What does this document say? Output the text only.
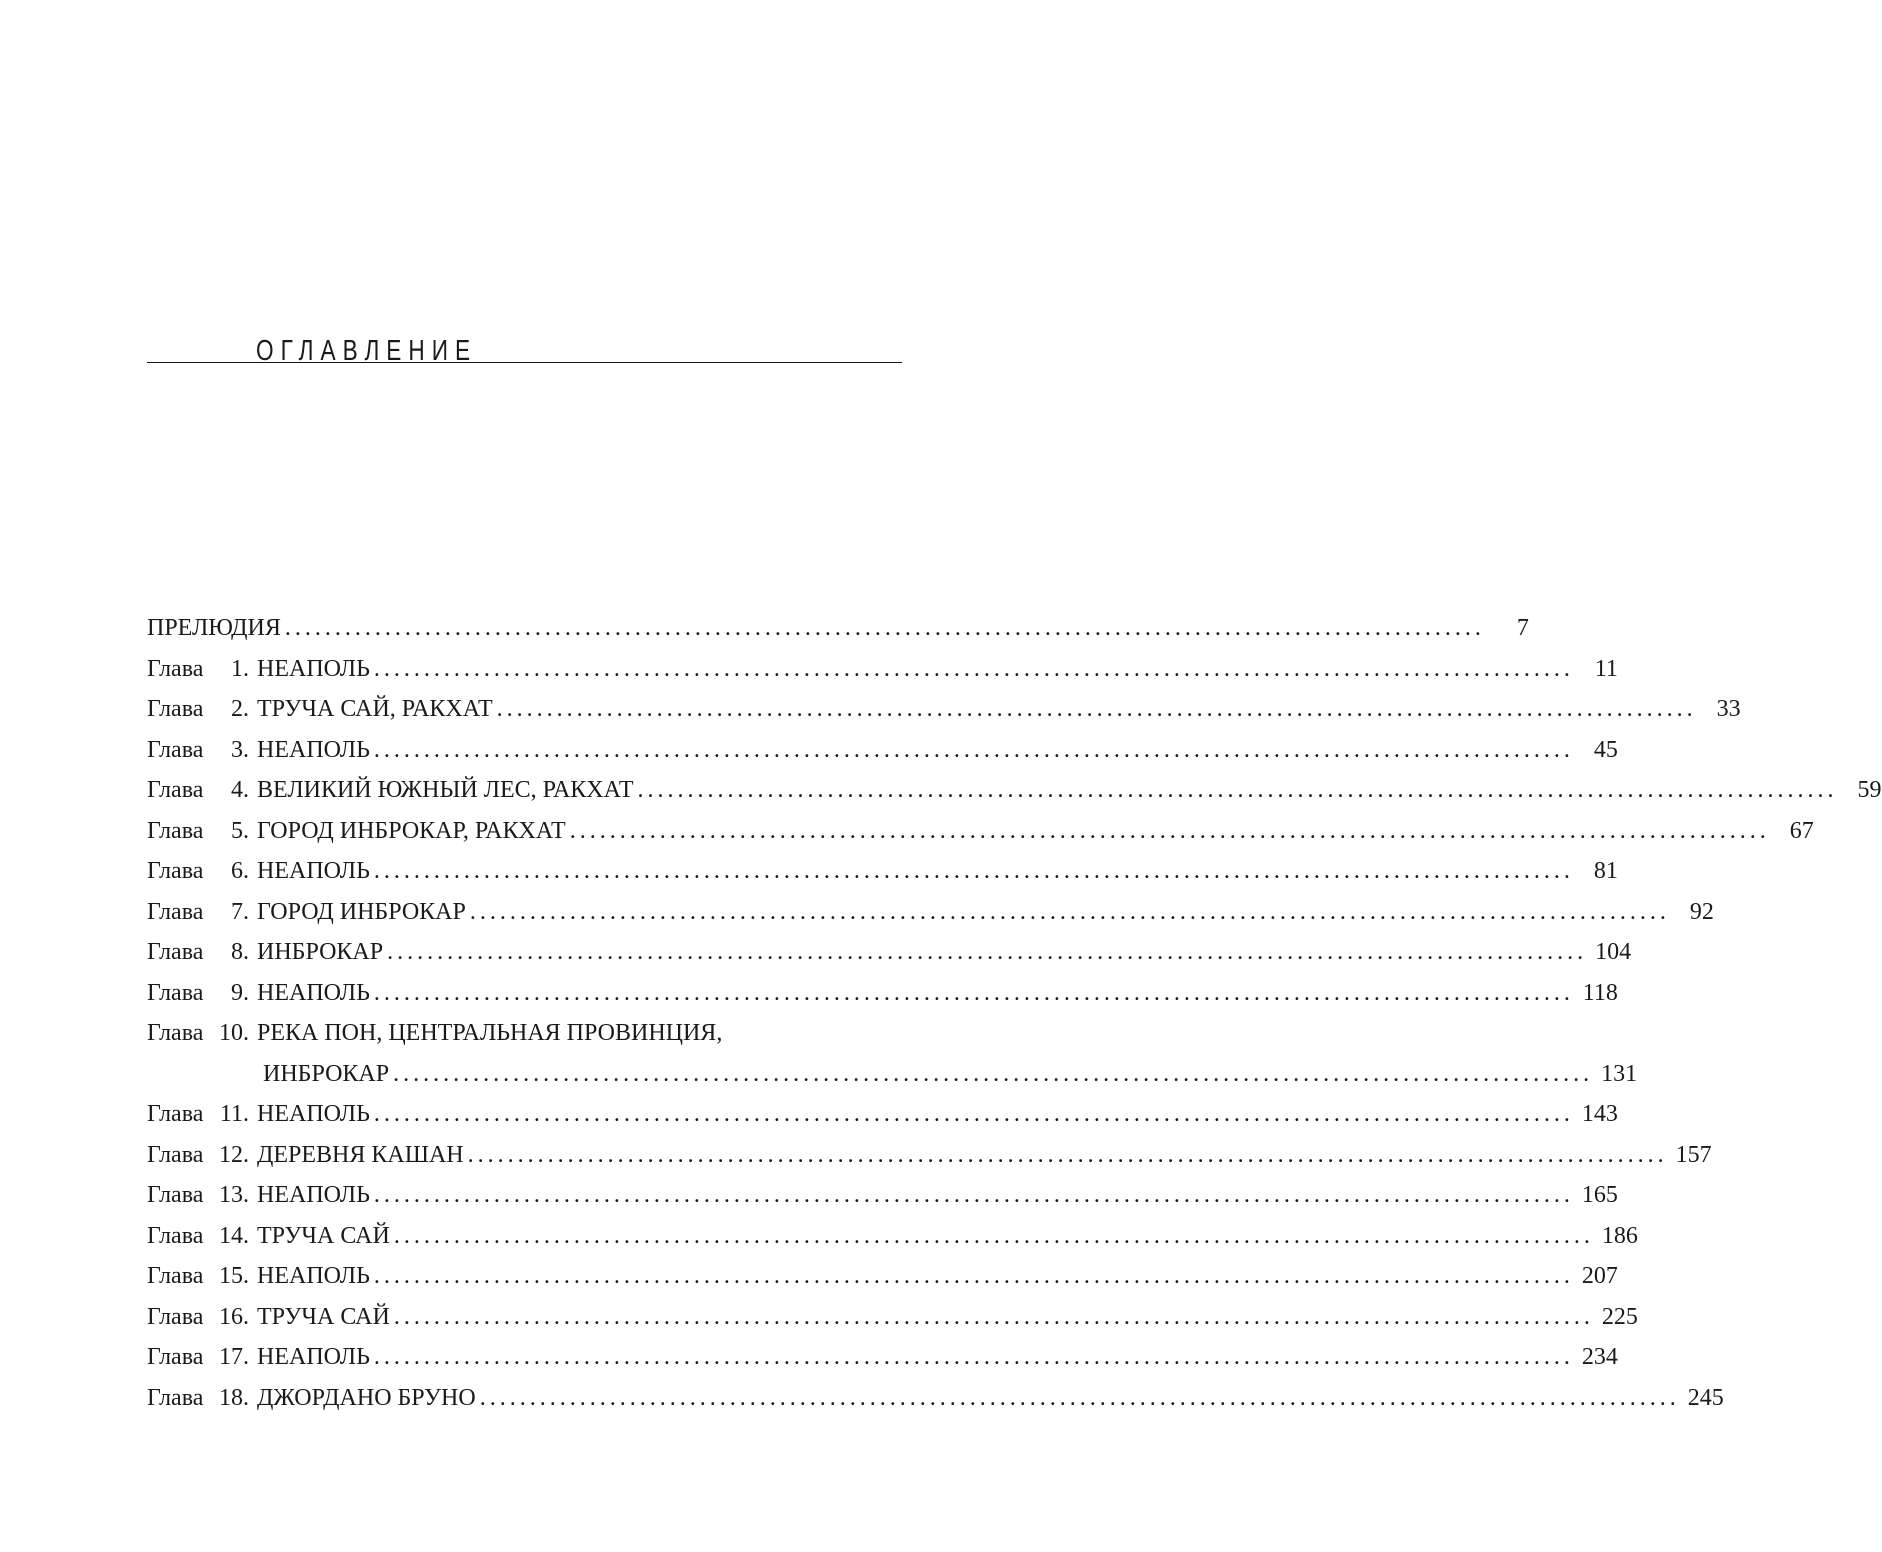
ОГЛАВЛЕНИЕ
ПРЕЛЮДИЯ ........................................................................................................................	7
Глава	1. НЕАПОЛЬ ........................................................................................................................ 11
Глава	2. ТРУЧА САЙ, РАКХАТ ........................................................................................................................ 33
Глава	3. НЕАПОЛЬ ........................................................................................................................ 45
Глава	4. ВЕЛИКИЙ ЮЖНЫЙ ЛЕС, РАКХАТ ........................................................................................................................ 59
Глава	5. ГОРОД ИНБРОКАР, РАКХАТ ........................................................................................................................ 67
Глава	6. НЕАПОЛЬ ........................................................................................................................ 81
Глава	7. ГОРОД ИНБРОКАР ........................................................................................................................ 92
Глава	8. ИНБРОКАР ........................................................................................................................ 104
Глава	9. НЕАПОЛЬ ........................................................................................................................ 118
Глава 10. РЕКА ПОН, ЦЕНТРАЛЬНАЯ ПРОВИНЦИЯ,
ИНБРОКАР ........................................................................................................................ 131
Глава 11. НЕАПОЛЬ ........................................................................................................................ 143
Глава 12. ДЕРЕВНЯ КАШАН ........................................................................................................................ 157
Глава 13. НЕАПОЛЬ ........................................................................................................................ 165
Глава 14. ТРУЧА САЙ ........................................................................................................................ 186
Глава 15. НЕАПОЛЬ ........................................................................................................................ 207
Глава 16. ТРУЧА САЙ ........................................................................................................................ 225
Глава 17. НЕАПОЛЬ ........................................................................................................................ 234
Глава 18. ДЖОРДАНО БРУНО ........................................................................................................................ 245
